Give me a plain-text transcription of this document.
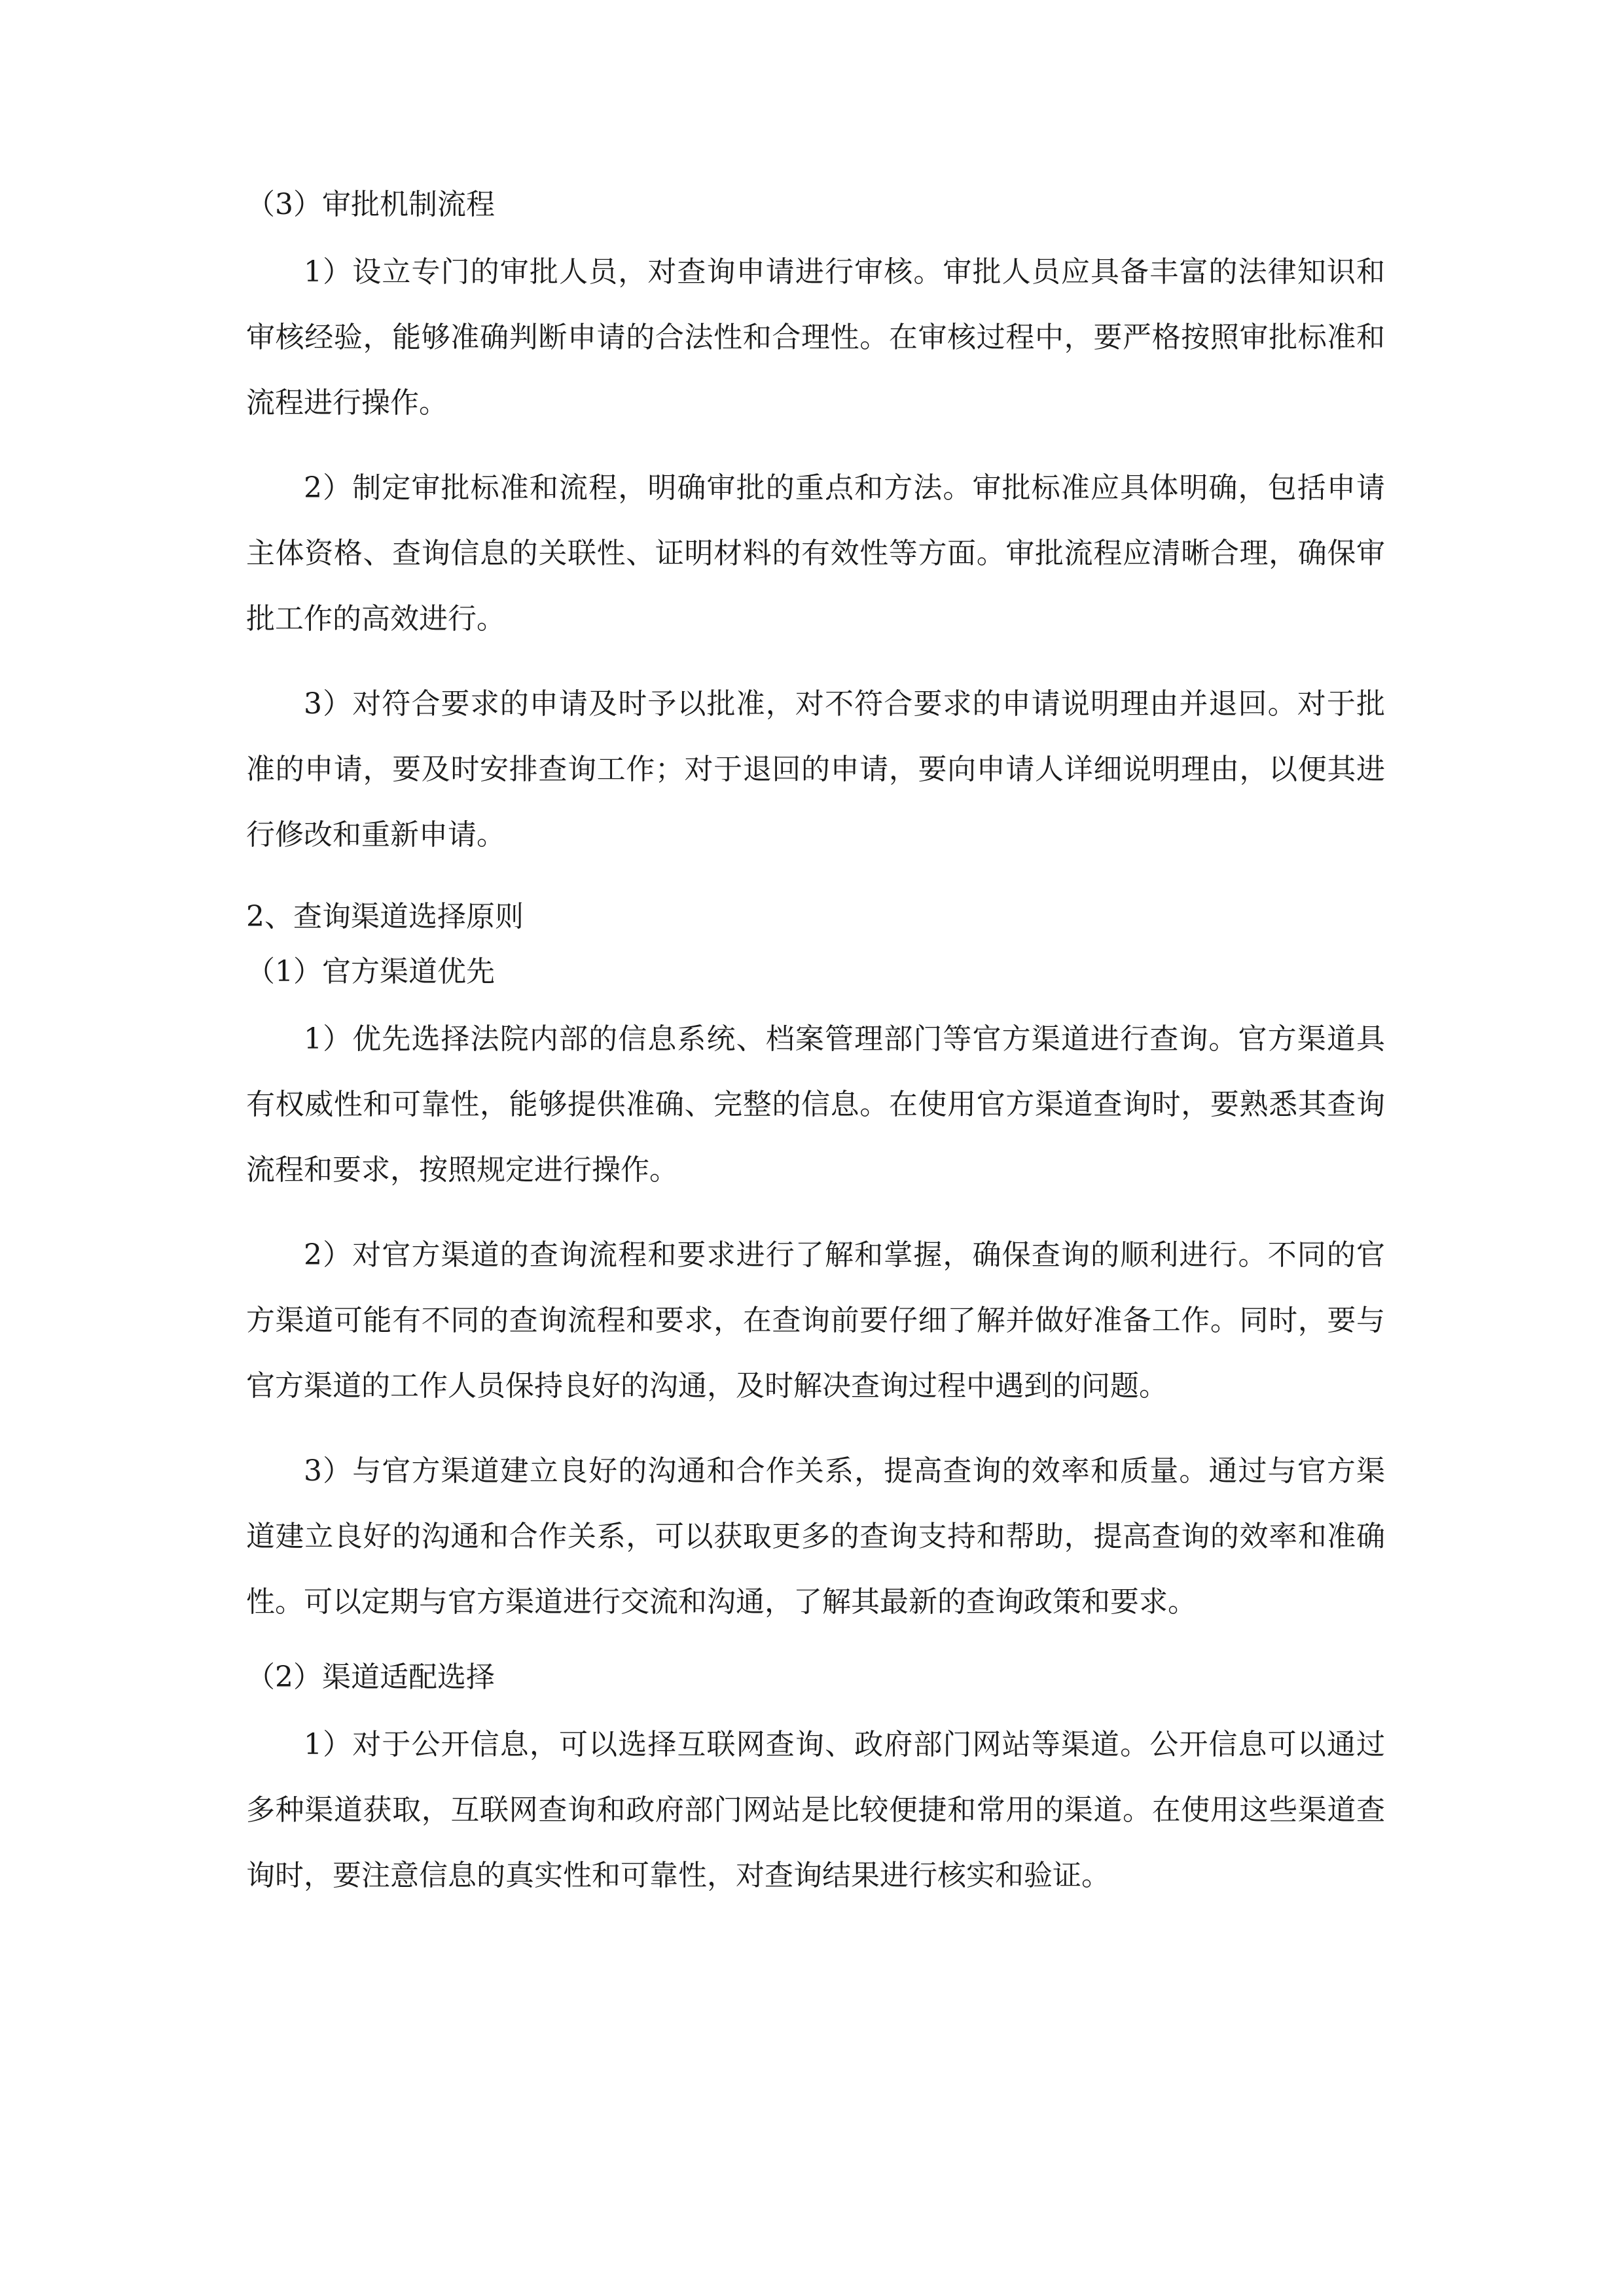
（3）审批机制流程

1）设立专门的审批人员，对查询申请进行审核。审批人员应具备丰富的法律知识和审核经验，能够准确判断申请的合法性和合理性。在审核过程中，要严格按照审批标准和流程进行操作。

2）制定审批标准和流程，明确审批的重点和方法。审批标准应具体明确，包括申请主体资格、查询信息的关联性、证明材料的有效性等方面。审批流程应清晰合理，确保审批工作的高效进行。

3）对符合要求的申请及时予以批准，对不符合要求的申请说明理由并退回。对于批准的申请，要及时安排查询工作；对于退回的申请，要向申请人详细说明理由，以便其进行修改和重新申请。

2、查询渠道选择原则
（1）官方渠道优先

1）优先选择法院内部的信息系统、档案管理部门等官方渠道进行查询。官方渠道具有权威性和可靠性，能够提供准确、完整的信息。在使用官方渠道查询时，要熟悉其查询流程和要求，按照规定进行操作。

2）对官方渠道的查询流程和要求进行了解和掌握，确保查询的顺利进行。不同的官方渠道可能有不同的查询流程和要求，在查询前要仔细了解并做好准备工作。同时，要与官方渠道的工作人员保持良好的沟通，及时解决查询过程中遇到的问题。

3）与官方渠道建立良好的沟通和合作关系，提高查询的效率和质量。通过与官方渠道建立良好的沟通和合作关系，可以获取更多的查询支持和帮助，提高查询的效率和准确性。可以定期与官方渠道进行交流和沟通，了解其最新的查询政策和要求。

（2）渠道适配选择

1）对于公开信息，可以选择互联网查询、政府部门网站等渠道。公开信息可以通过多种渠道获取，互联网查询和政府部门网站是比较便捷和常用的渠道。在使用这些渠道查询时，要注意信息的真实性和可靠性，对查询结果进行核实和验证。
